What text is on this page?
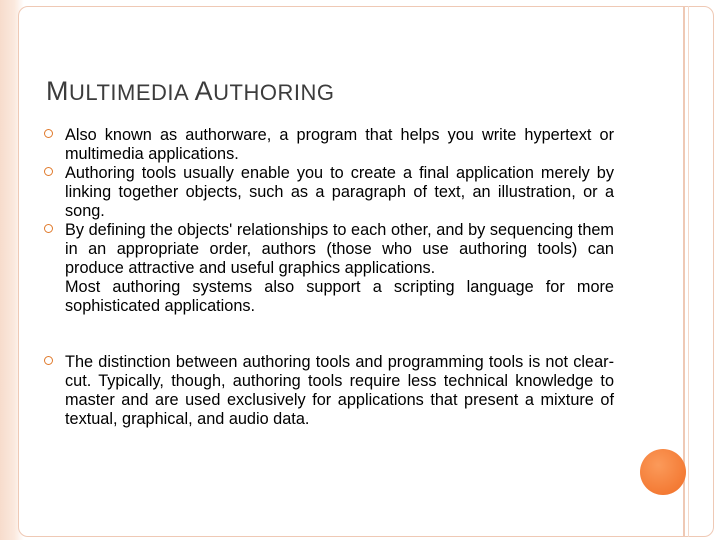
MULTIMEDIA AUTHORING

Also known as authorware, a program that helps you write hypertext or multimedia applications.

Authoring tools usually enable you to create a final application merely by linking together objects, such as a paragraph of text, an illustration, or a song.

By defining the objects' relationships to each other, and by sequencing them in an appropriate order, authors (those who use authoring tools) can produce attractive and useful graphics applications.

Most authoring systems also support a scripting language for more sophisticated applications.

The distinction between authoring tools and programming tools is not clear-cut. Typically, though, authoring tools require less technical knowledge to master and are used exclusively for applications that present a mixture of textual, graphical, and audio data.
